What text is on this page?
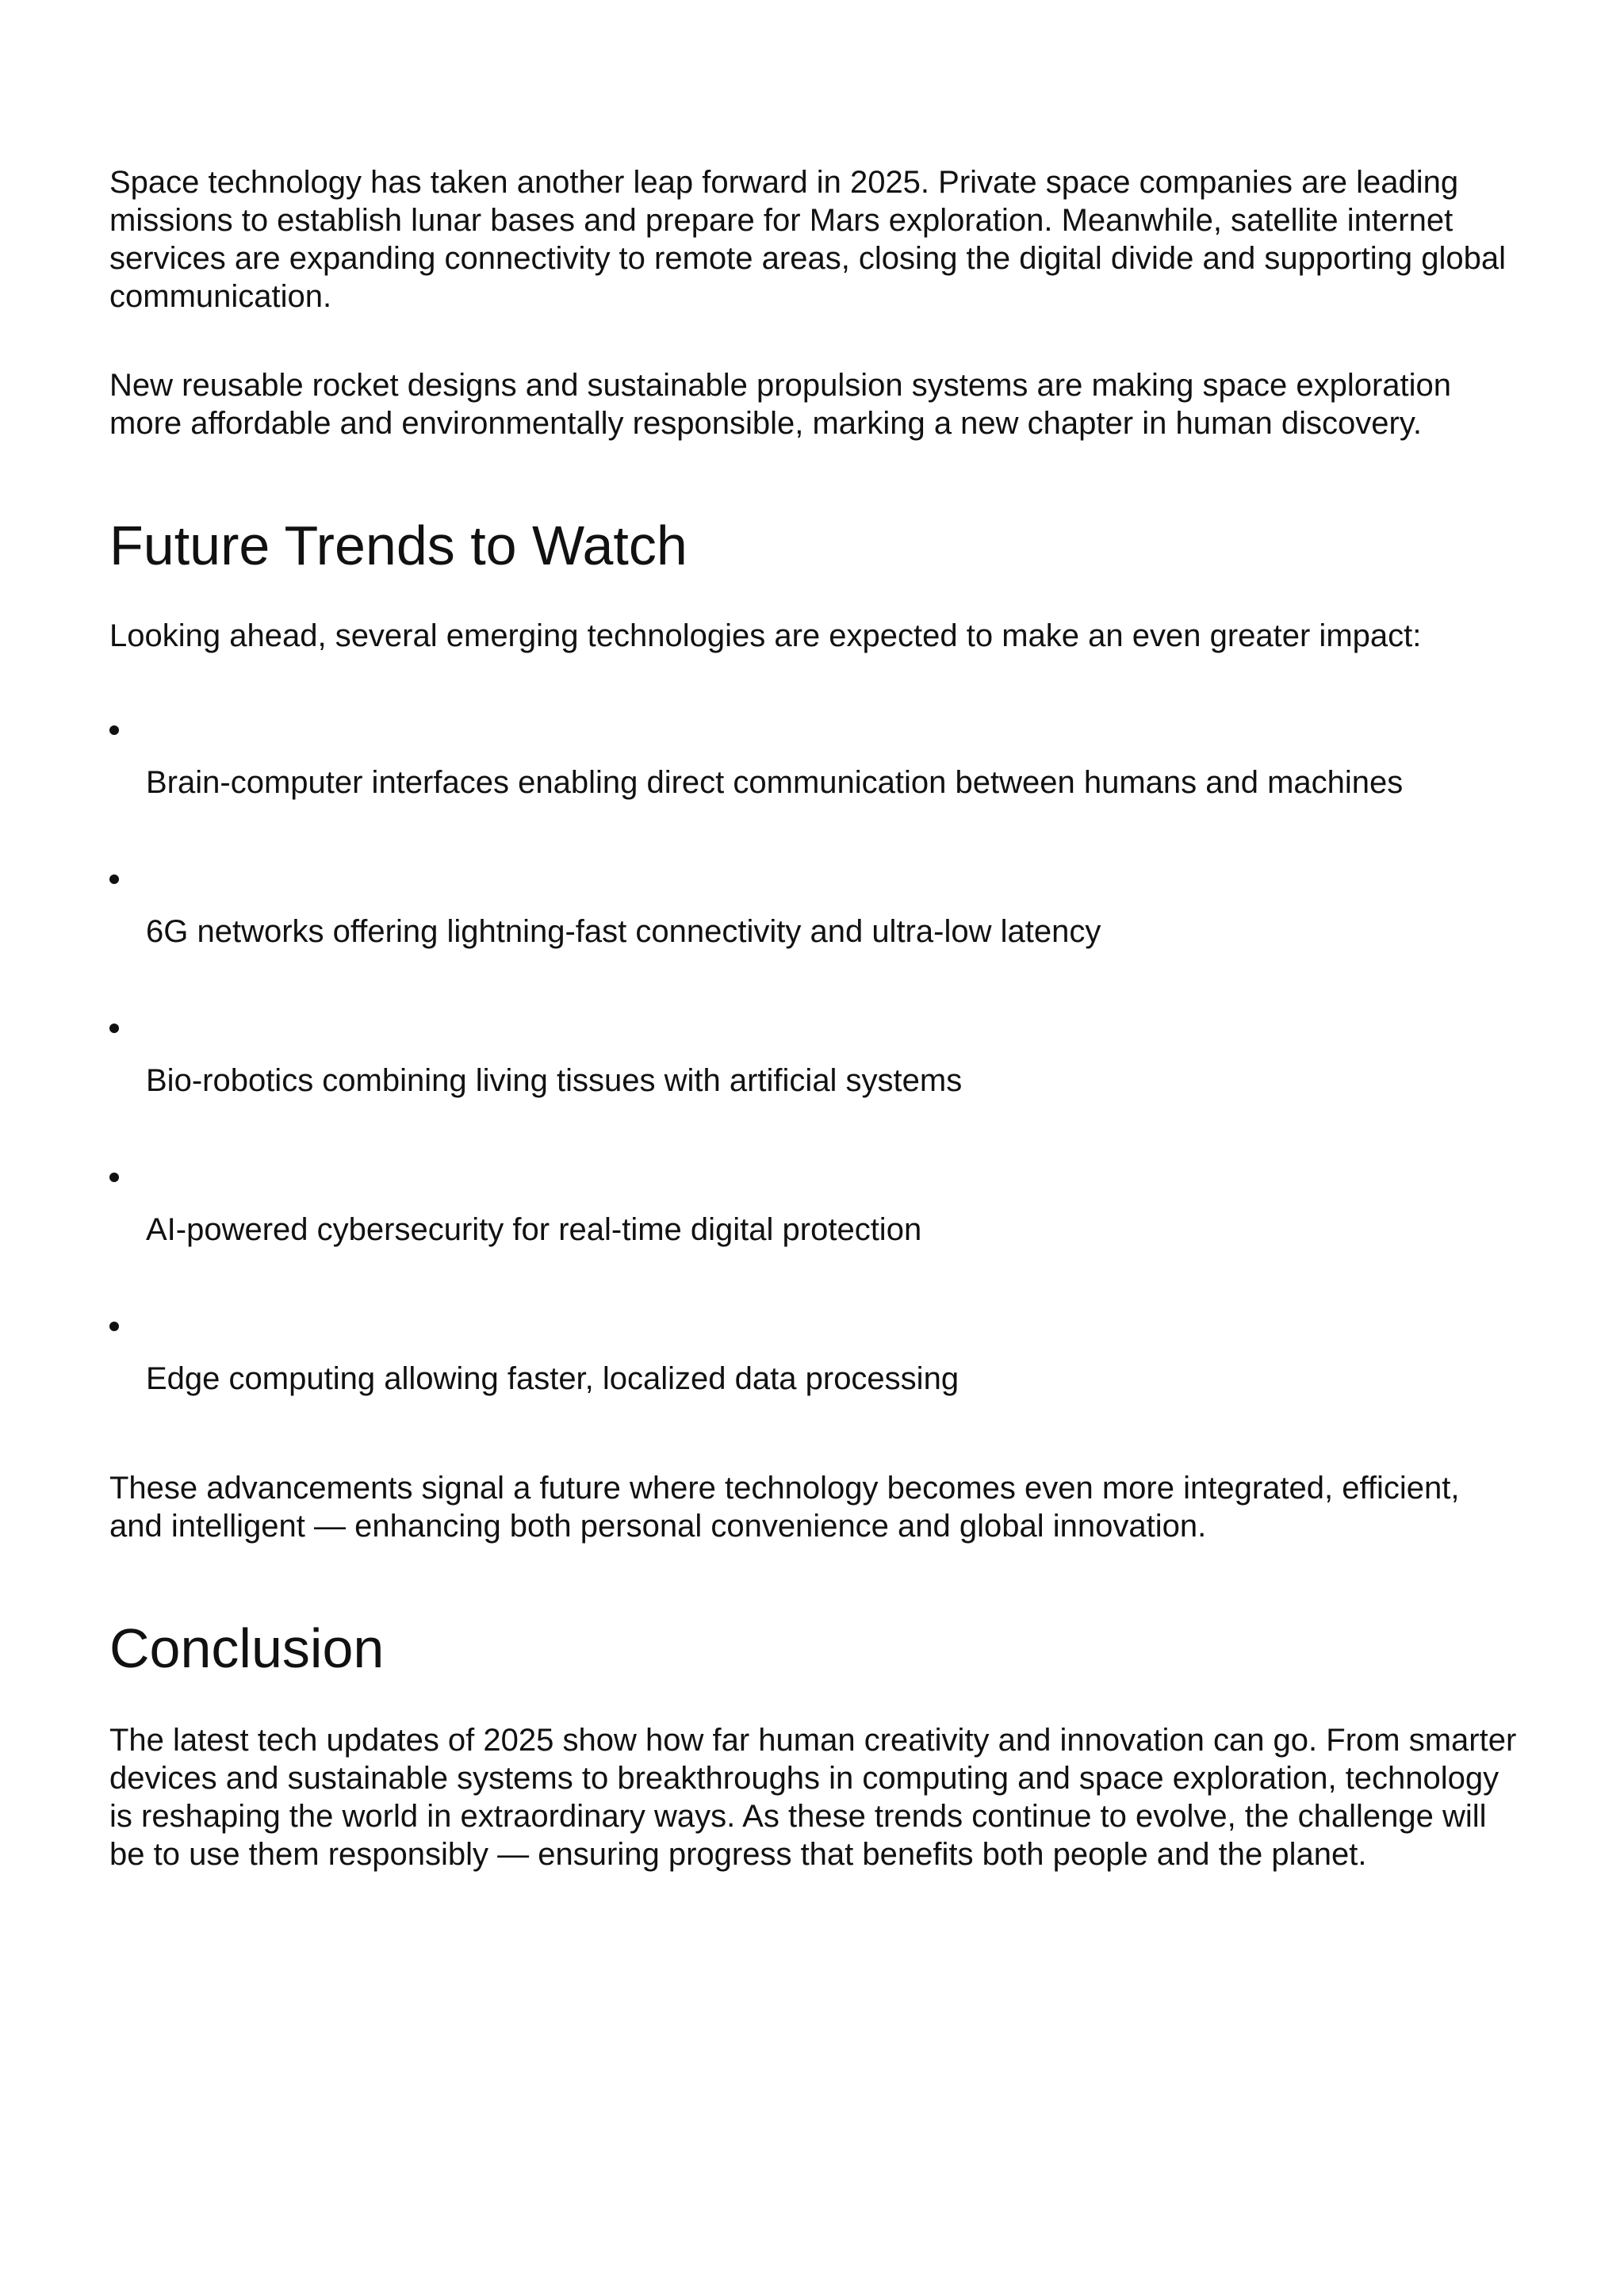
Space technology has taken another leap forward in 2025. Private space companies are leading missions to establish lunar bases and prepare for Mars exploration. Meanwhile, satellite internet services are expanding connectivity to remote areas, closing the digital divide and supporting global communication.

New reusable rocket designs and sustainable propulsion systems are making space exploration more affordable and environmentally responsible, marking a new chapter in human discovery.

Future Trends to Watch

Looking ahead, several emerging technologies are expected to make an even greater impact:

Brain-computer interfaces enabling direct communication between humans and machines
6G networks offering lightning-fast connectivity and ultra-low latency
Bio-robotics combining living tissues with artificial systems
AI-powered cybersecurity for real-time digital protection
Edge computing allowing faster, localized data processing

These advancements signal a future where technology becomes even more integrated, efficient, and intelligent — enhancing both personal convenience and global innovation.

Conclusion

The latest tech updates of 2025 show how far human creativity and innovation can go. From smarter devices and sustainable systems to breakthroughs in computing and space exploration, technology is reshaping the world in extraordinary ways. As these trends continue to evolve, the challenge will be to use them responsibly — ensuring progress that benefits both people and the planet.
